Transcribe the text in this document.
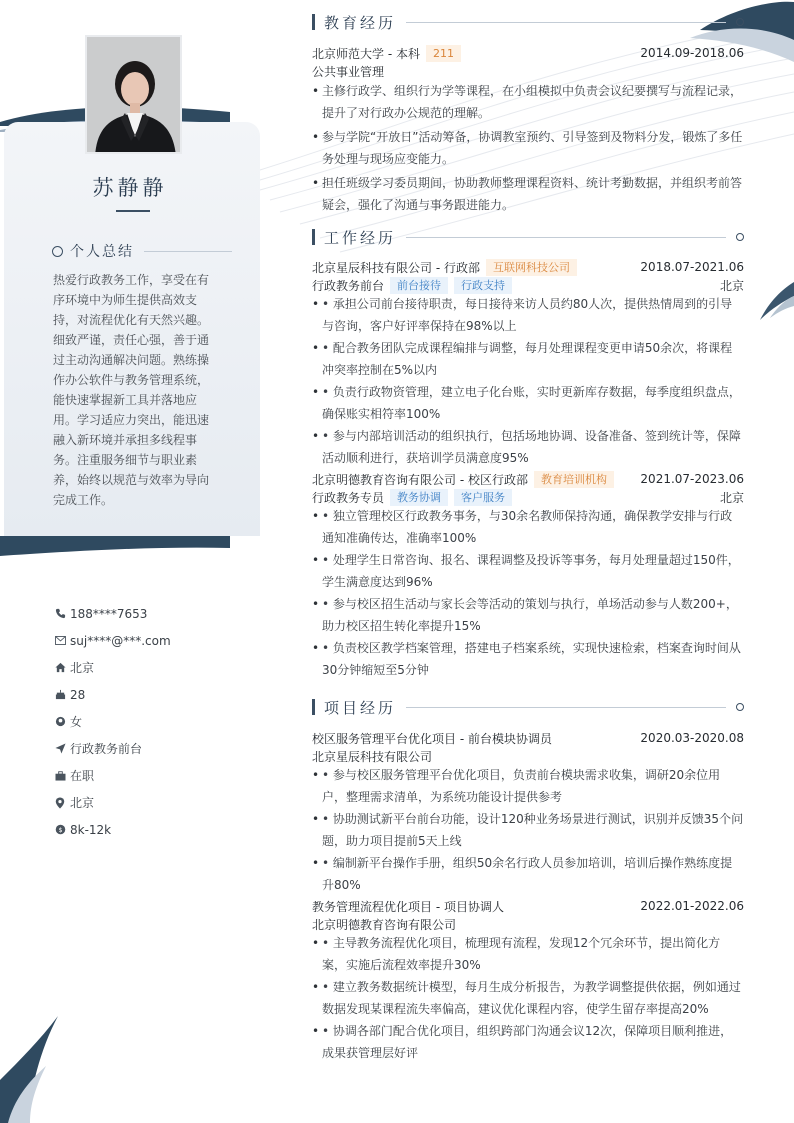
苏静静
个人总结
热爱行政教务工作，享受在有序环境中为师生提供高效支持，对流程优化有天然兴趣。细致严谨，责任心强，善于通过主动沟通解决问题。熟练操作办公软件与教务管理系统，能快速掌握新工具并落地应用。学习适应力突出，能迅速融入新环境并承担多线程事务。注重服务细节与职业素养，始终以规范与效率为导向完成工作。
188****7653
suj****@***.com
北京
28
女
行政教务前台
在职
北京
$ 8k-12k
教育经历
北京师范大学 - 本科	211	2014.09-2018.06
公共事业管理
• 主修行政学、组织行为学等课程，在小组模拟中负责会议纪要撰写与流程记录，提升了对行政办公规范的理解。
• 参与学院“开放日”活动筹备，协调教室预约、引导签到及物料分发，锻炼了多任务处理与现场应变能力。
• 担任班级学习委员期间，协助教师整理课程资料、统计考勤数据，并组织考前答疑会，强化了沟通与事务跟进能力。
工作经历
北京星辰科技有限公司 - 行政部	互联网科技公司	2018.07-2021.06
行政教务前台	前台接待	行政支持	北京
• • 承担公司前台接待职责，每日接待来访人员约80人次，提供热情周到的引导与咨询，客户好评率保持在98%以上
• • 配合教务团队完成课程编排与调整，每月处理课程变更申请50余次，将课程冲突率控制在5%以内
• • 负责行政物资管理，建立电子化台账，实时更新库存数据，每季度组织盘点，确保账实相符率100%
• • 参与内部培训活动的组织执行，包括场地协调、设备准备、签到统计等，保障活动顺利进行，获培训学员满意度95%
北京明德教育咨询有限公司 - 校区行政部	教育培训机构	2021.07-2023.06
行政教务专员	教务协调	客户服务	北京
• • 独立管理校区行政教务事务，与30余名教师保持沟通，确保教学安排与行政通知准确传达，准确率100%
• • 处理学生日常咨询、报名、课程调整及投诉等事务，每月处理量超过150件，学生满意度达到96%
• • 参与校区招生活动与家长会等活动的策划与执行，单场活动参与人数200+，助力校区招生转化率提升15%
• • 负责校区教学档案管理，搭建电子档案系统，实现快速检索，档案查询时间从30分钟缩短至5分钟
项目经历
校区服务管理平台优化项目 - 前台模块协调员	2020.03-2020.08
北京星辰科技有限公司
• • 参与校区服务管理平台优化项目，负责前台模块需求收集，调研20余位用户，整理需求清单，为系统功能设计提供参考
• • 协助测试新平台前台功能，设计120种业务场景进行测试，识别并反馈35个问题，助力项目提前5天上线
• • 编制新平台操作手册，组织50余名行政人员参加培训，培训后操作熟练度提升80%
教务管理流程优化项目 - 项目协调人	2022.01-2022.06
北京明德教育咨询有限公司
• • 主导教务流程优化项目，梳理现有流程，发现12个冗余环节，提出简化方案，实施后流程效率提升30%
• • 建立教务数据统计模型，每月生成分析报告，为教学调整提供依据，例如通过数据发现某课程流失率偏高，建议优化课程内容，使学生留存率提高20%
• • 协调各部门配合优化项目，组织跨部门沟通会议12次，保障项目顺利推进，成果获管理层好评
